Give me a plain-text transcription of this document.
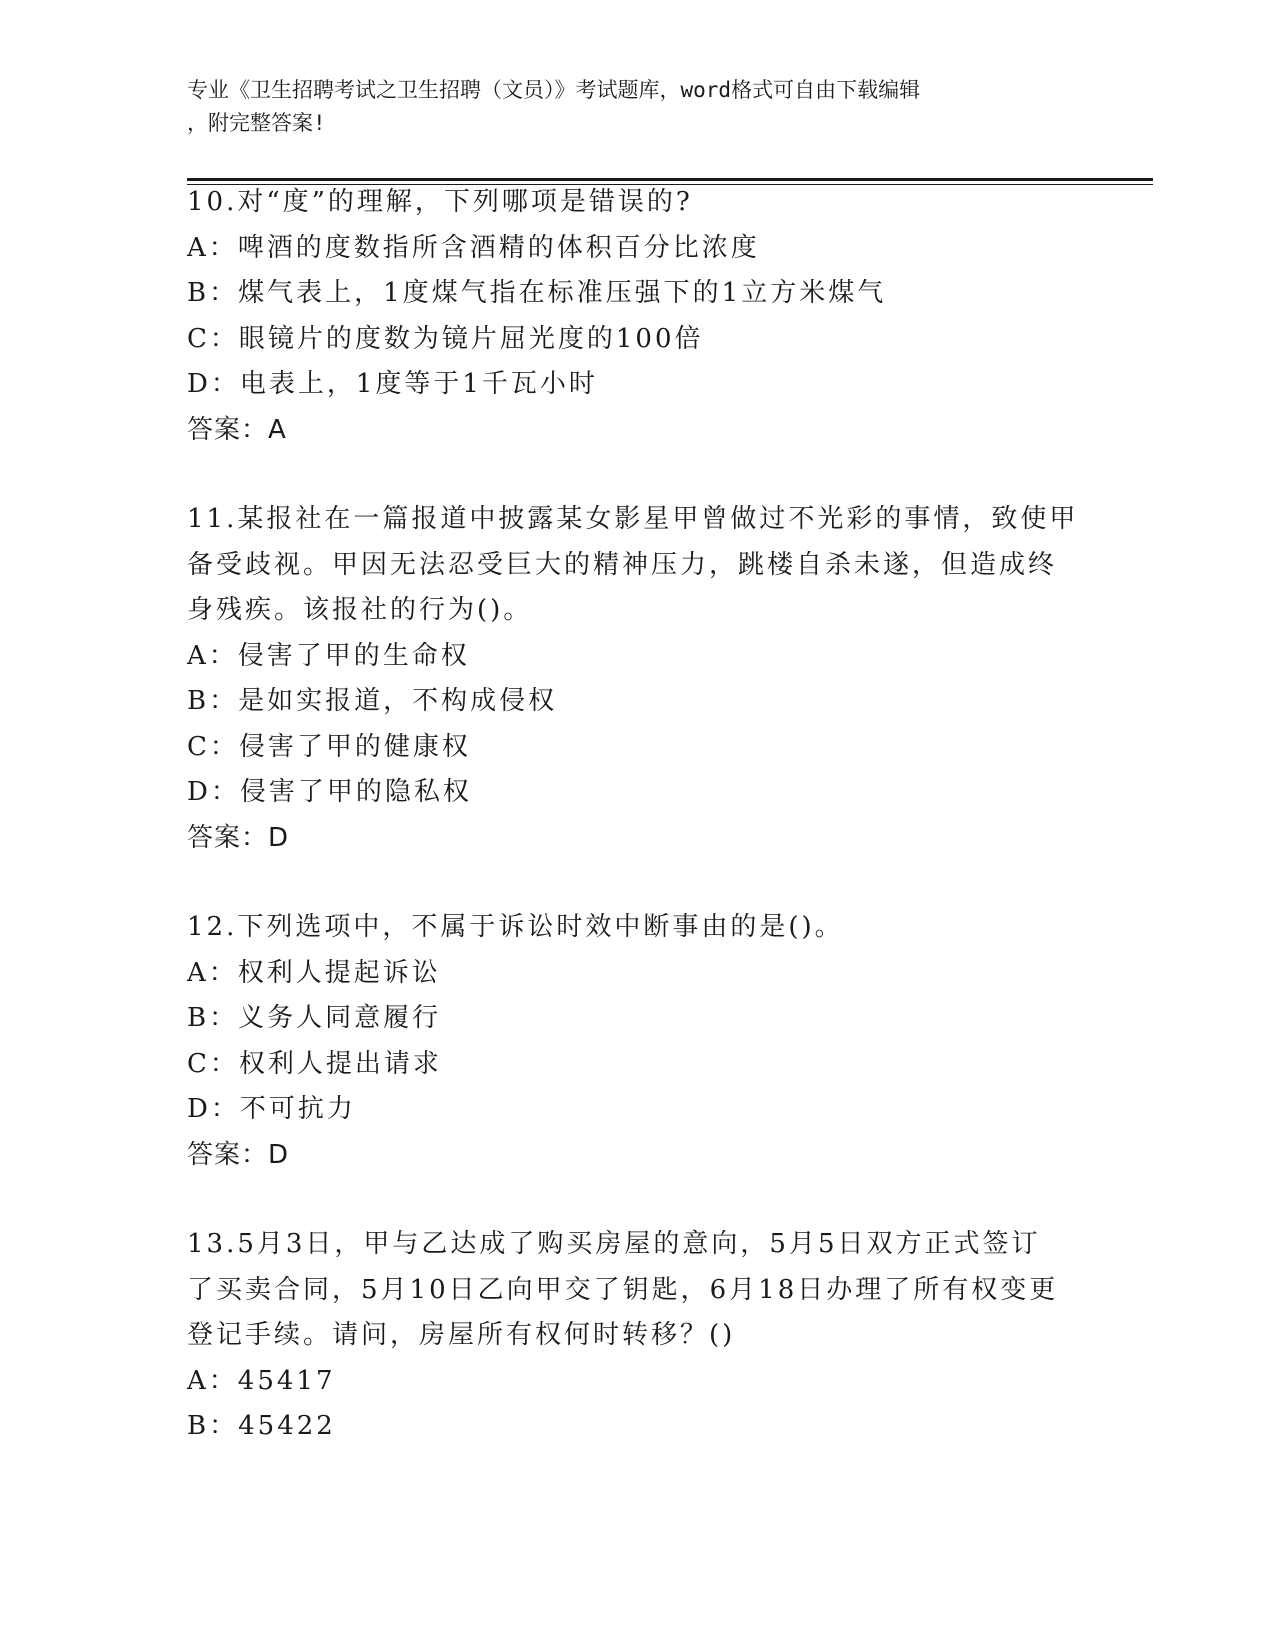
专业《卫生招聘考试之卫生招聘（文员）》考试题库，word格式可自由下载编辑
，附完整答案!
10.对“度”的理解，下列哪项是错误的?
A：啤酒的度数指所含酒精的体积百分比浓度
B：煤气表上，1度煤气指在标准压强下的1立方米煤气
C：眼镜片的度数为镜片屈光度的100倍
D：电表上，1度等于1千瓦小时
答案：A
11.某报社在一篇报道中披露某女影星甲曾做过不光彩的事情，致使甲
备受歧视。甲因无法忍受巨大的精神压力，跳楼自杀未遂，但造成终
身残疾。该报社的行为()。
A：侵害了甲的生命权
B：是如实报道，不构成侵权
C：侵害了甲的健康权
D：侵害了甲的隐私权
答案：D
12.下列选项中，不属于诉讼时效中断事由的是()。
A：权利人提起诉讼
B：义务人同意履行
C：权利人提出请求
D：不可抗力
答案：D
13.5月3日，甲与乙达成了购买房屋的意向，5月5日双方正式签订
了买卖合同，5月10日乙向甲交了钥匙，6月18日办理了所有权变更
登记手续。请问，房屋所有权何时转移？()
A：45417
B：45422
